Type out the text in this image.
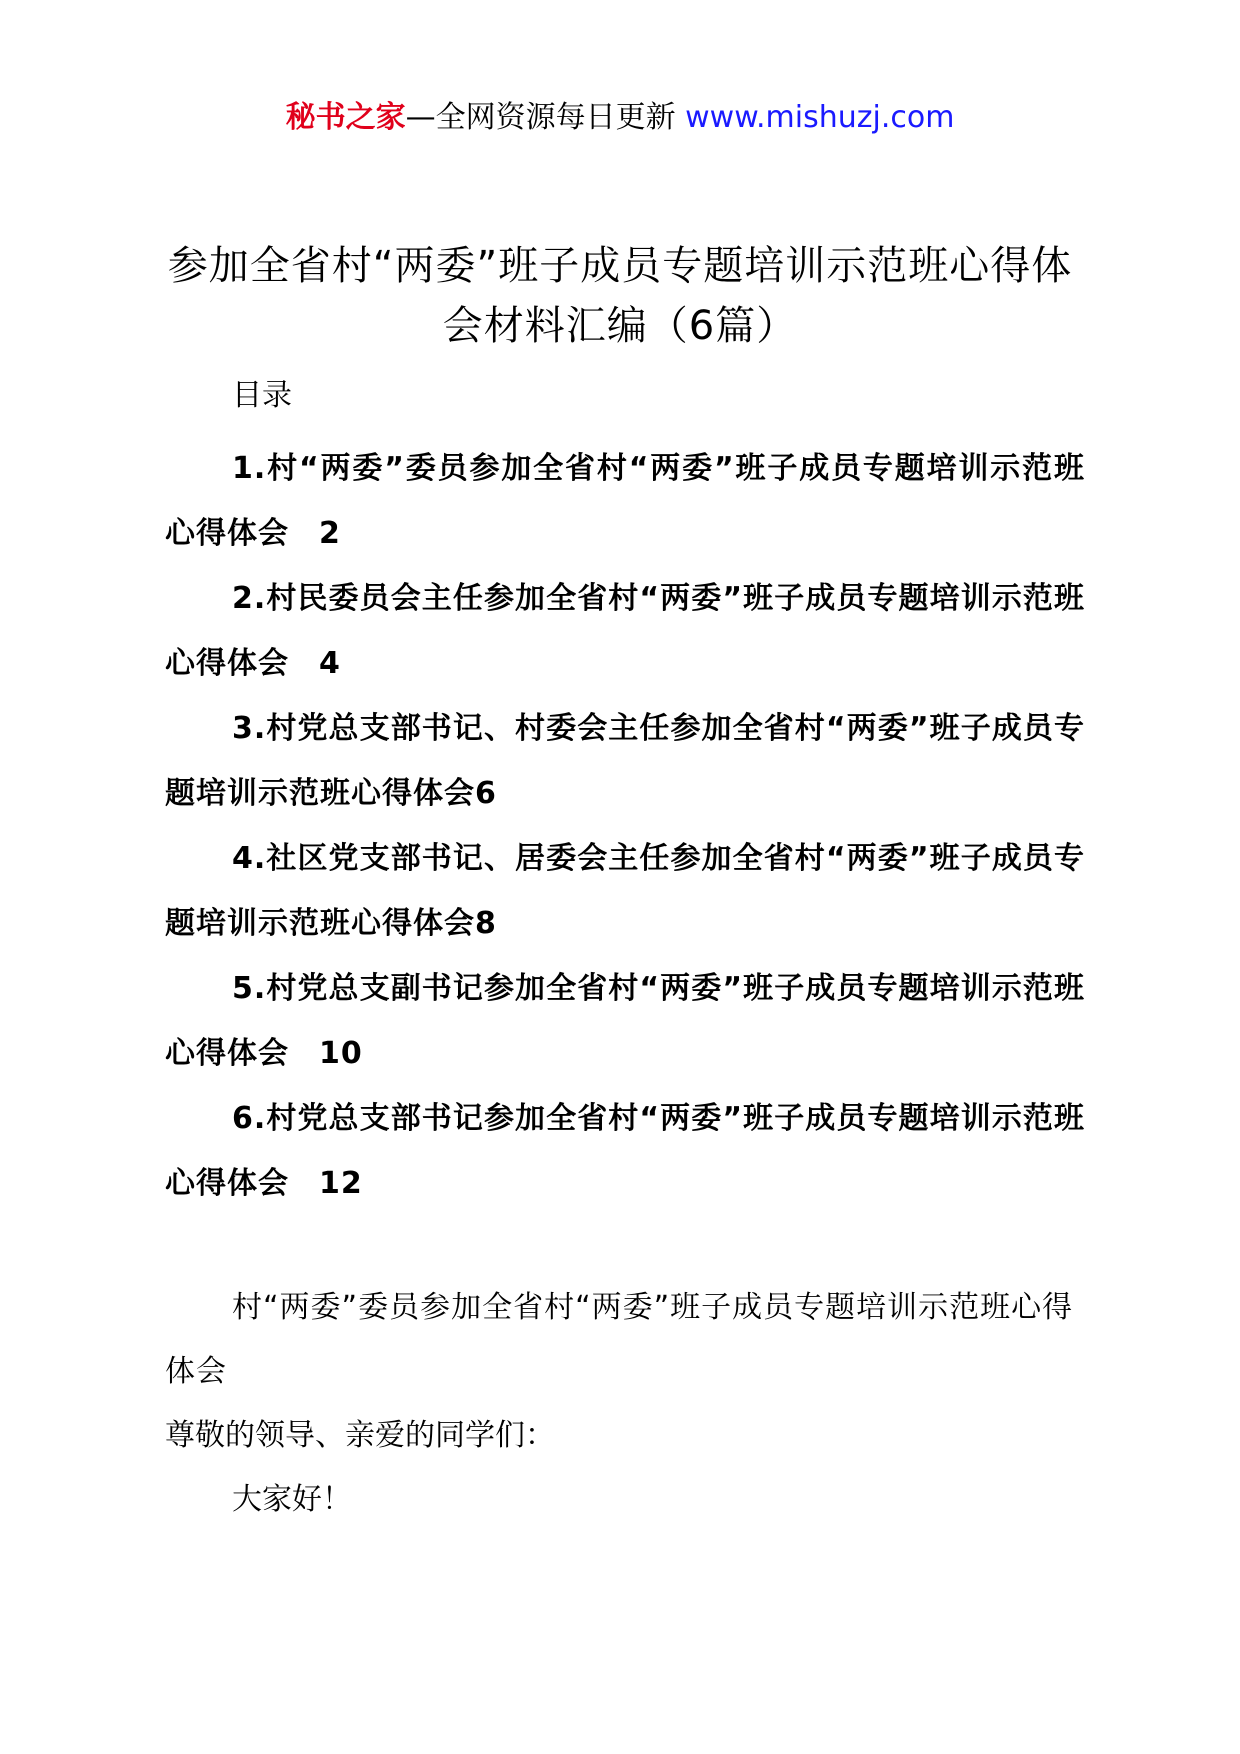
秘书之家—全网资源每日更新 www.mishuzj.com
参加全省村“两委”班子成员专题培训示范班心得体会材料汇编（6篇）
目录
1.村“两委”委员参加全省村“两委”班子成员专题培训示范班心得体会 2
2.村民委员会主任参加全省村“两委”班子成员专题培训示范班心得体会 4
3.村党总支部书记、村委会主任参加全省村“两委”班子成员专题培训示范班心得体会6
4.社区党支部书记、居委会主任参加全省村“两委”班子成员专题培训示范班心得体会8
5.村党总支副书记参加全省村“两委”班子成员专题培训示范班心得体会 10
6.村党总支部书记参加全省村“两委”班子成员专题培训示范班心得体会 12

村“两委”委员参加全省村“两委”班子成员专题培训示范班心得体会

尊敬的领导、亲爱的同学们：

大家好！
